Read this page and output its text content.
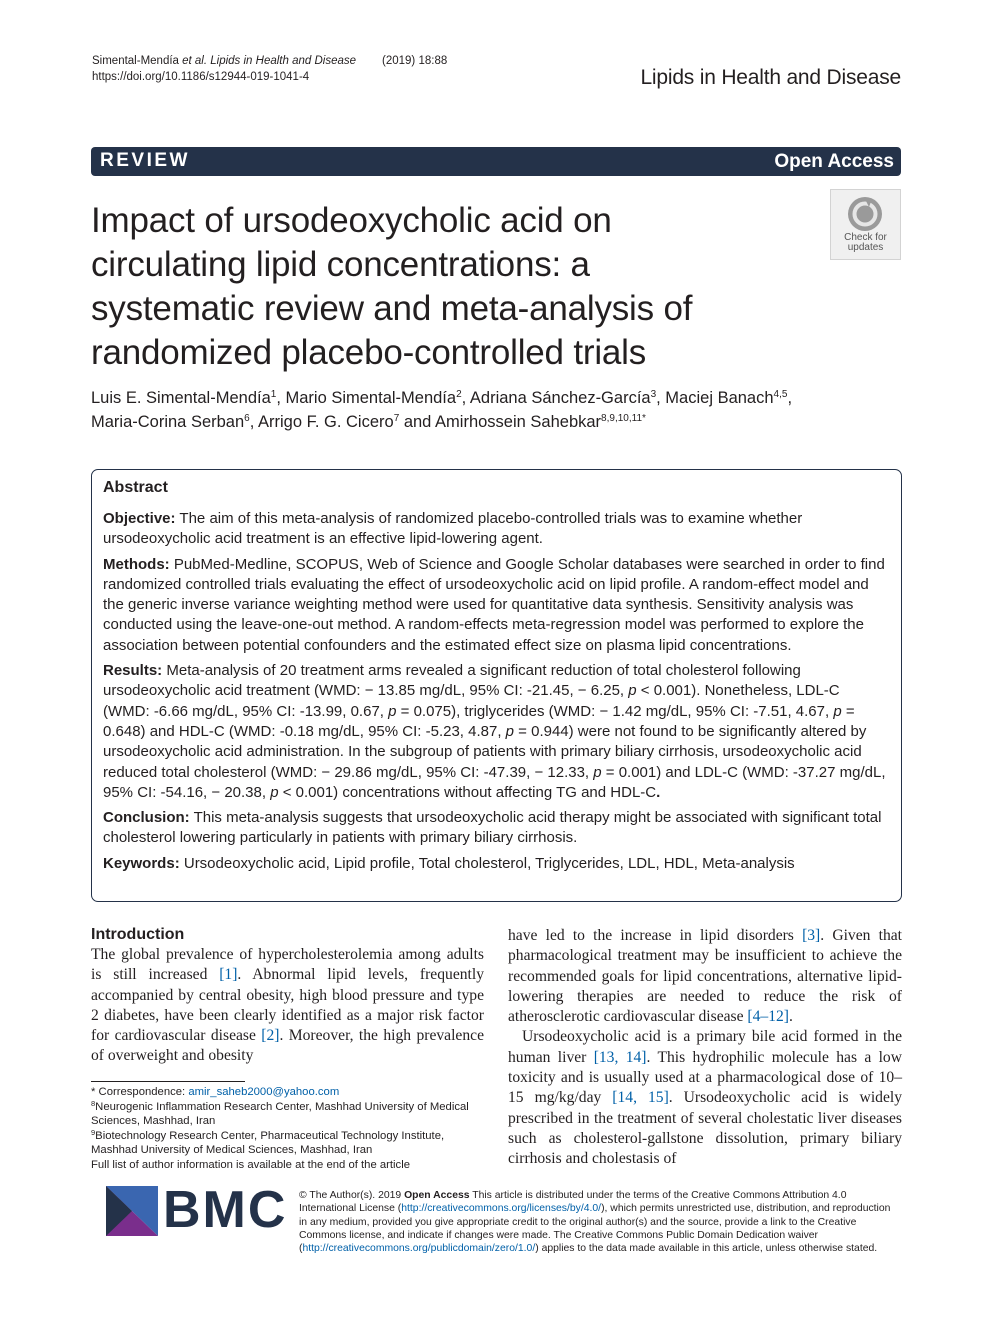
Simental-Mendía et al. Lipids in Health and Disease (2019) 18:88
https://doi.org/10.1186/s12944-019-1041-4	Lipids in Health and Disease
REVIEW	Open Access
Impact of ursodeoxycholic acid on
circulating lipid concentrations: a
systematic review and meta-analysis of
randomized placebo-controlled trials
Check for
updates
Luis E. Simental-Mendía$^1$, Mario Simental-Mendía$^2$, Adriana Sánchez-García$^3$, Maciej Banach$^{4,5}$,
Maria-Corina Serban$^6$, Arrigo F. G. Cicero$^7$ and Amirhossein Sahebkar$^{8,9,10,11*}$
Abstract

Objective: The aim of this meta-analysis of randomized placebo-controlled trials was to examine whether ursodeoxycholic acid treatment is an effective lipid-lowering agent.

Methods: PubMed-Medline, SCOPUS, Web of Science and Google Scholar databases were searched in order to find randomized controlled trials evaluating the effect of ursodeoxycholic acid on lipid profile. A random-effect model and the generic inverse variance weighting method were used for quantitative data synthesis. Sensitivity analysis was conducted using the leave-one-out method. A random-effects meta-regression model was performed to explore the association between potential confounders and the estimated effect size on plasma lipid concentrations.

Results: Meta-analysis of 20 treatment arms revealed a significant reduction of total cholesterol following ursodeoxycholic acid treatment (WMD: − 13.85 mg/dL, 95% CI: -21.45, − 6.25, p < 0.001). Nonetheless, LDL-C (WMD: -6.66 mg/dL, 95% CI: -13.99, 0.67, p = 0.075), triglycerides (WMD: − 1.42 mg/dL, 95% CI: -7.51, 4.67, p = 0.648) and HDL-C (WMD: -0.18 mg/dL, 95% CI: -5.23, 4.87, p = 0.944) were not found to be significantly altered by ursodeoxycholic acid administration. In the subgroup of patients with primary biliary cirrhosis, ursodeoxycholic acid reduced total cholesterol (WMD: − 29.86 mg/dL, 95% CI: -47.39, − 12.33, p = 0.001) and LDL-C (WMD: -37.27 mg/dL, 95% CI: -54.16, − 20.38, p < 0.001) concentrations without affecting TG and HDL-C.

Conclusion: This meta-analysis suggests that ursodeoxycholic acid therapy might be associated with significant total cholesterol lowering particularly in patients with primary biliary cirrhosis.

Keywords: Ursodeoxycholic acid, Lipid profile, Total cholesterol, Triglycerides, LDL, HDL, Meta-analysis

Introduction

The global prevalence of hypercholesterolemia among adults is still increased [1]. Abnormal lipid levels, frequently accompanied by central obesity, high blood pressure and type 2 diabetes, have been clearly identified as a major risk factor for cardiovascular disease [2]. Moreover, the high prevalence of overweight and obesity

have led to the increase in lipid disorders [3]. Given that pharmacological treatment may be insufficient to achieve the recommended goals for lipid concentrations, alternative lipid-lowering therapies are needed to reduce the risk of atherosclerotic cardiovascular disease [4–12].

Ursodeoxycholic acid is a primary bile acid formed in the human liver [13, 14]. This hydrophilic molecule has a low toxicity and is usually used at a pharmacological dose of 10–15 mg/kg/day [14, 15]. Ursodeoxycholic acid is widely prescribed in the treatment of several cholestatic liver diseases such as cholesterol-gallstone dissolution, primary biliary cirrhosis and cholestasis of

* Correspondence: amir_saheb2000@yahoo.com
$^8$Neurogenic Inflammation Research Center, Mashhad University of Medical Sciences, Mashhad, Iran
$^9$Biotechnology Research Center, Pharmaceutical Technology Institute, Mashhad University of Medical Sciences, Mashhad, Iran
Full list of author information is available at the end of the article
BMC © The Author(s). 2019 Open Access This article is distributed under the terms of the Creative Commons Attribution 4.0 International License (http://creativecommons.org/licenses/by/4.0/), which permits unrestricted use, distribution, and reproduction in any medium, provided you give appropriate credit to the original author(s) and the source, provide a link to the Creative Commons license, and indicate if changes were made. The Creative Commons Public Domain Dedication waiver (http://creativecommons.org/publicdomain/zero/1.0/) applies to the data made available in this article, unless otherwise stated.
